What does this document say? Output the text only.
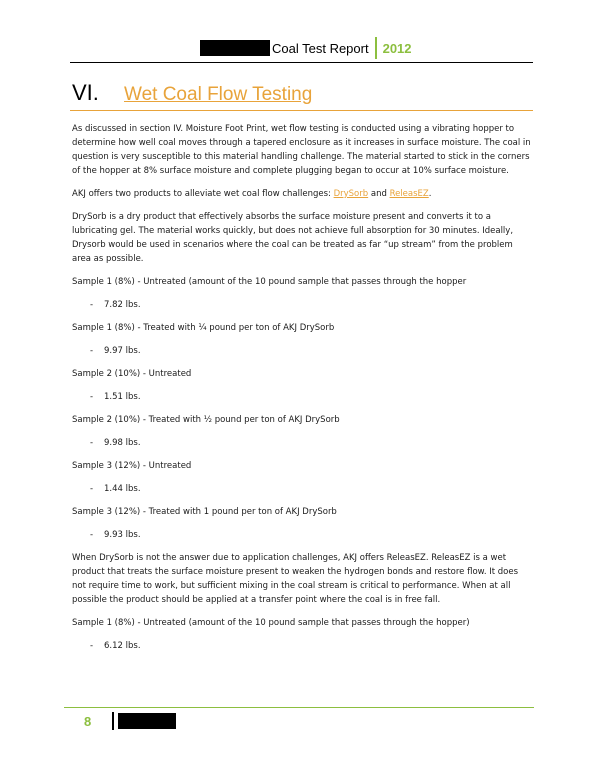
Coal Test Report 2012
VI.	Wet Coal Flow Testing

As discussed in section IV. Moisture Foot Print, wet flow testing is conducted using a vibrating hopper to determine how well coal moves through a tapered enclosure as it increases in surface moisture. The coal in question is very susceptible to this material handling challenge. The material started to stick in the corners of the hopper at 8% surface moisture and complete plugging began to occur at 10% surface moisture.

AKJ offers two products to alleviate wet coal flow challenges: DrySorb and ReleasEZ.

DrySorb is a dry product that effectively absorbs the surface moisture present and converts it to a lubricating gel. The material works quickly, but does not achieve full absorption for 30 minutes. Ideally, Drysorb would be used in scenarios where the coal can be treated as far “up stream” from the problem area as possible.

Sample 1 (8%) - Untreated (amount of the 10 pound sample that passes through the hopper

-	7.82 lbs.

Sample 1 (8%) - Treated with ¼ pound per ton of AKJ DrySorb

-	9.97 lbs.

Sample 2 (10%) - Untreated

-	1.51 lbs.

Sample 2 (10%) - Treated with ½ pound per ton of AKJ DrySorb

-	9.98 lbs.

Sample 3 (12%) - Untreated

-	1.44 lbs.

Sample 3 (12%) - Treated with 1 pound per ton of AKJ DrySorb

-	9.93 lbs.

When DrySorb is not the answer due to application challenges, AKJ offers ReleasEZ. ReleasEZ is a wet product that treats the surface moisture present to weaken the hydrogen bonds and restore flow. It does not require time to work, but sufficient mixing in the coal stream is critical to performance. When at all possible the product should be applied at a transfer point where the coal is in free fall.

Sample 1 (8%) - Untreated (amount of the 10 pound sample that passes through the hopper)

-	6.12 lbs.
8
